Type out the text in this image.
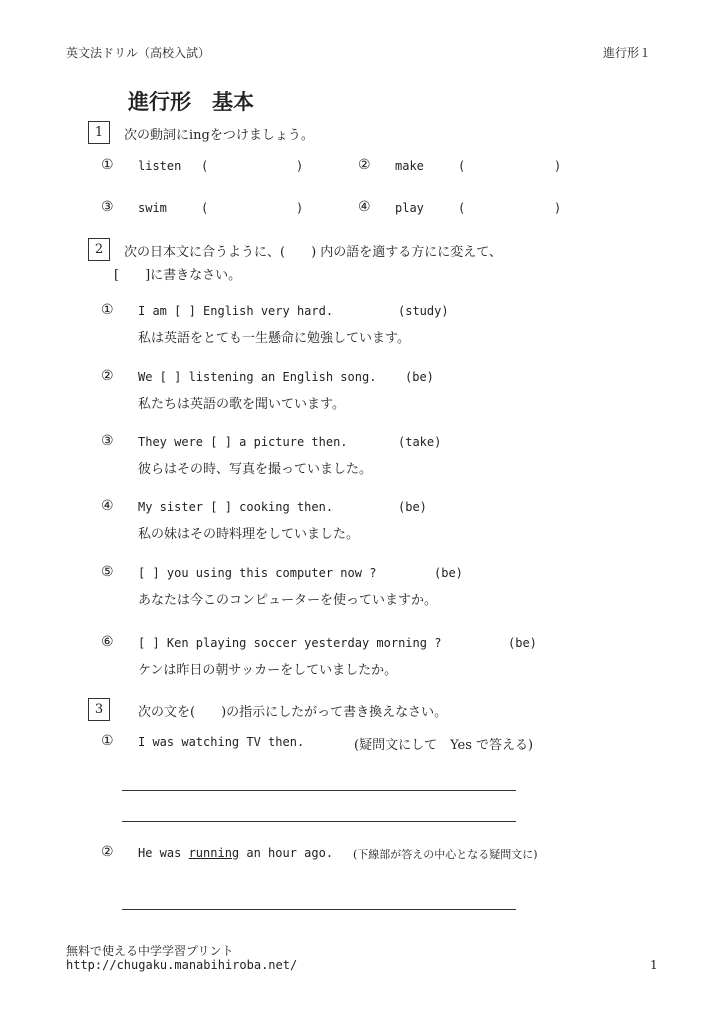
英文法ドリル（高校入試）	進行形１
進行形　基本
1	次の動詞にingをつけましょう。
① listen (	)	② make	(	)
③ swim	(	)	④ play	(	)
2	次の日本文に合うように、(　　) 内の語を適する方にに変えて、
[　　]に書きなさい。
① I am [ ] English very hard.	(study)
私は英語をとても一生懸命に勉強しています。
② We [ ] listening an English song. (be)
私たちは英語の歌を聞いています。
③ They were [ ] a picture then.	(take)
彼らはその時、写真を撮っていました。
④ My sister [ ] cooking then.	(be)
私の妹はその時料理をしていました。
⑤ [ ] you using this computer now ?	(be)
あなたは今このコンピューターを使っていますか。
⑥ [ ] Ken playing soccer yesterday morning ?	(be)
ケンは昨日の朝サッカーをしていましたか。
3	次の文を(　　)の指示にしたがって書き換えなさい。
① I was watching TV then.	(疑問文にして　Yes で答える)
② He was running an hour ago. (下線部が答えの中心となる疑問文に)
無料で使える中学学習プリント
http://chugaku.manabihiroba.net/	1
